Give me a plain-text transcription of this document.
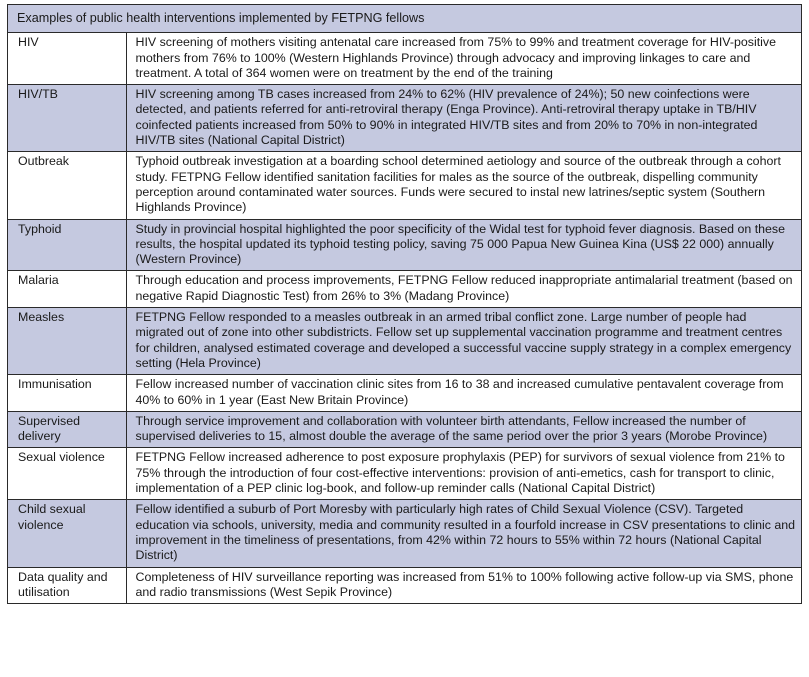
Examples of public health interventions implemented by FETPNG fellows	
HIV	HIV screening of mothers visiting antenatal care increased from 75% to 99% and treatment coverage for HIV-positive mothers from 76% to 100% (Western Highlands Province) through advocacy and improving linkages to care and treatment. A total of 364 women were on treatment by the end of the training
HIV/TB	HIV screening among TB cases increased from 24% to 62% (HIV prevalence of 24%); 50 new coinfections were detected, and patients referred for anti-retroviral therapy (Enga Province). Anti-retroviral therapy uptake in TB/HIV coinfected patients increased from 50% to 90% in integrated HIV/TB sites and from 20% to 70% in non-integrated HIV/TB sites (National Capital District)
Outbreak	Typhoid outbreak investigation at a boarding school determined aetiology and source of the outbreak through a cohort study. FETPNG Fellow identified sanitation facilities for males as the source of the outbreak, dispelling community perception around contaminated water sources. Funds were secured to instal new latrines/septic system (Southern Highlands Province)
Typhoid	Study in provincial hospital highlighted the poor specificity of the Widal test for typhoid fever diagnosis. Based on these results, the hospital updated its typhoid testing policy, saving 75 000 Papua New Guinea Kina (US$ 22 000) annually (Western Province)
Malaria	Through education and process improvements, FETPNG Fellow reduced inappropriate antimalarial treatment (based on negative Rapid Diagnostic Test) from 26% to 3% (Madang Province)
Measles	FETPNG Fellow responded to a measles outbreak in an armed tribal conflict zone. Large number of people had migrated out of zone into other subdistricts. Fellow set up supplemental vaccination programme and treatment centres for children, analysed estimated coverage and developed a successful vaccine supply strategy in a complex emergency setting (Hela Province)
Immunisation	Fellow increased number of vaccination clinic sites from 16 to 38 and increased cumulative pentavalent coverage from 40% to 60% in 1 year (East New Britain Province)
Supervised delivery	Through service improvement and collaboration with volunteer birth attendants, Fellow increased the number of supervised deliveries to 15, almost double the average of the same period over the prior 3 years (Morobe Province)
Sexual violence	FETPNG Fellow increased adherence to post exposure prophylaxis (PEP) for survivors of sexual violence from 21% to 75% through the introduction of four cost-effective interventions: provision of anti-emetics, cash for transport to clinic, implementation of a PEP clinic log-book, and follow-up reminder calls (National Capital District)
Child sexual violence	Fellow identified a suburb of Port Moresby with particularly high rates of Child Sexual Violence (CSV). Targeted education via schools, university, media and community resulted in a fourfold increase in CSV presentations to clinic and improvement in the timeliness of presentations, from 42% within 72 hours to 55% within 72 hours (National Capital District)
Data quality and utilisation	Completeness of HIV surveillance reporting was increased from 51% to 100% following active follow-up via SMS, phone and radio transmissions (West Sepik Province)
